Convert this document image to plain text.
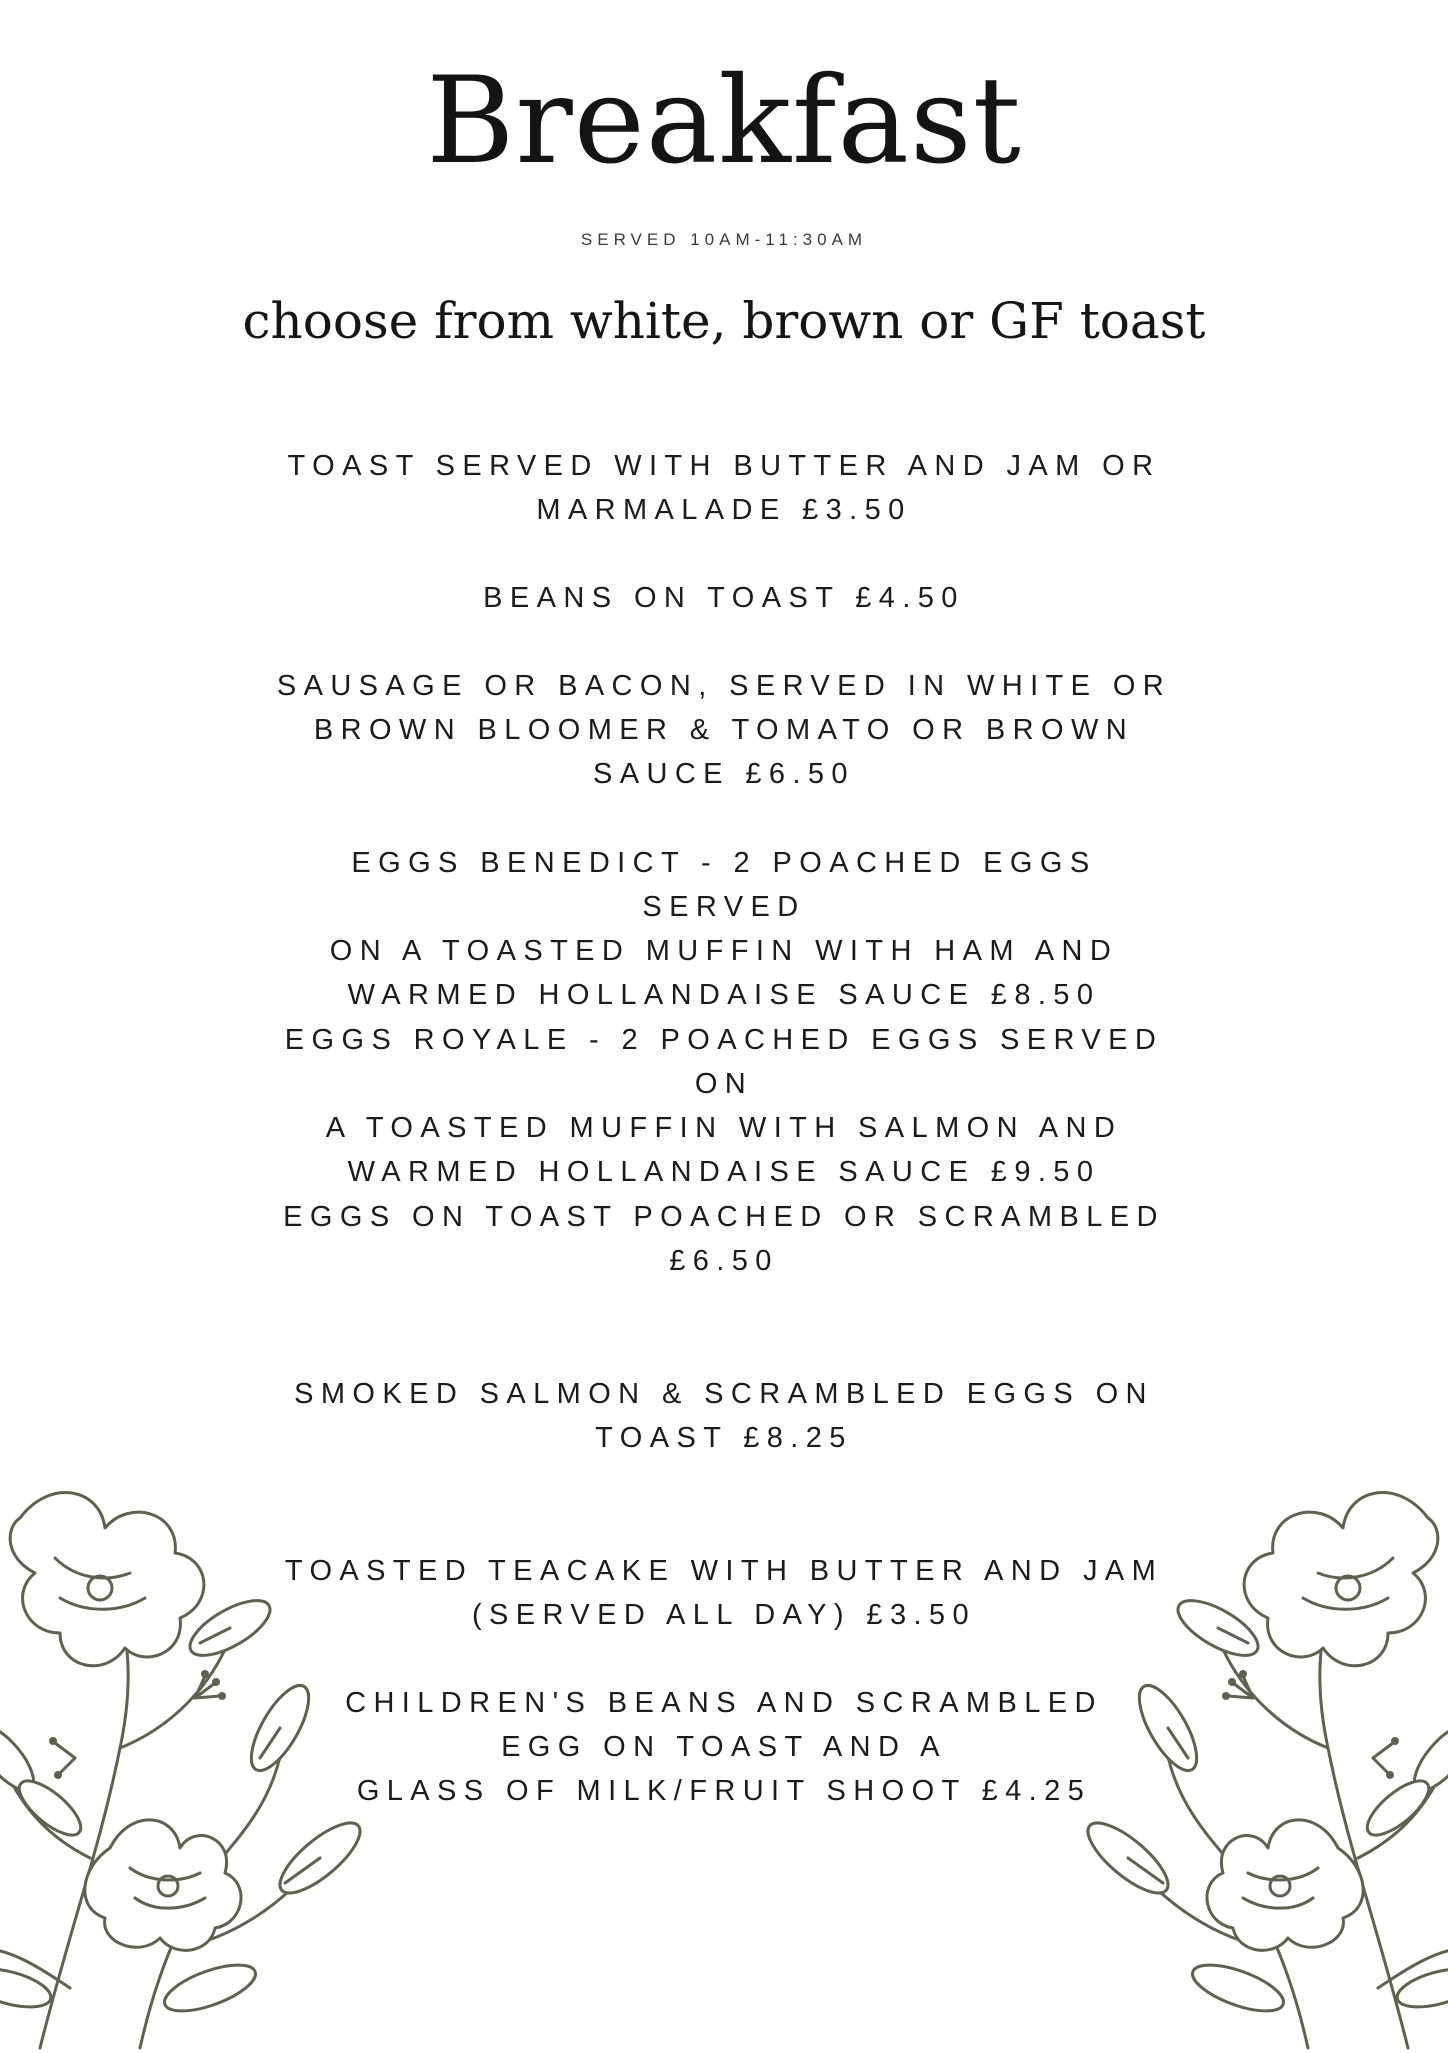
Breakfast
SERVED 10AM-11:30AM
choose from white, brown or GF toast

TOAST SERVED WITH BUTTER AND JAM OR
MARMALADE £3.50

BEANS ON TOAST £4.50

SAUSAGE OR BACON, SERVED IN WHITE OR
BROWN BLOOMER & TOMATO OR BROWN
SAUCE £6.50

EGGS BENEDICT - 2 POACHED EGGS SERVED
ON A TOASTED MUFFIN WITH HAM AND
WARMED HOLLANDAISE SAUCE £8.50

EGGS ROYALE - 2 POACHED EGGS SERVED ON
A TOASTED MUFFIN WITH SALMON AND
WARMED HOLLANDAISE SAUCE £9.50

EGGS ON TOAST POACHED OR SCRAMBLED
£6.50

SMOKED SALMON & SCRAMBLED EGGS ON
TOAST £8.25

TOASTED TEACAKE WITH BUTTER AND JAM
(SERVED ALL DAY) £3.50

CHILDREN'S BEANS AND SCRAMBLED
EGG ON TOAST AND A
GLASS OF MILK/FRUIT SHOOT £4.25
